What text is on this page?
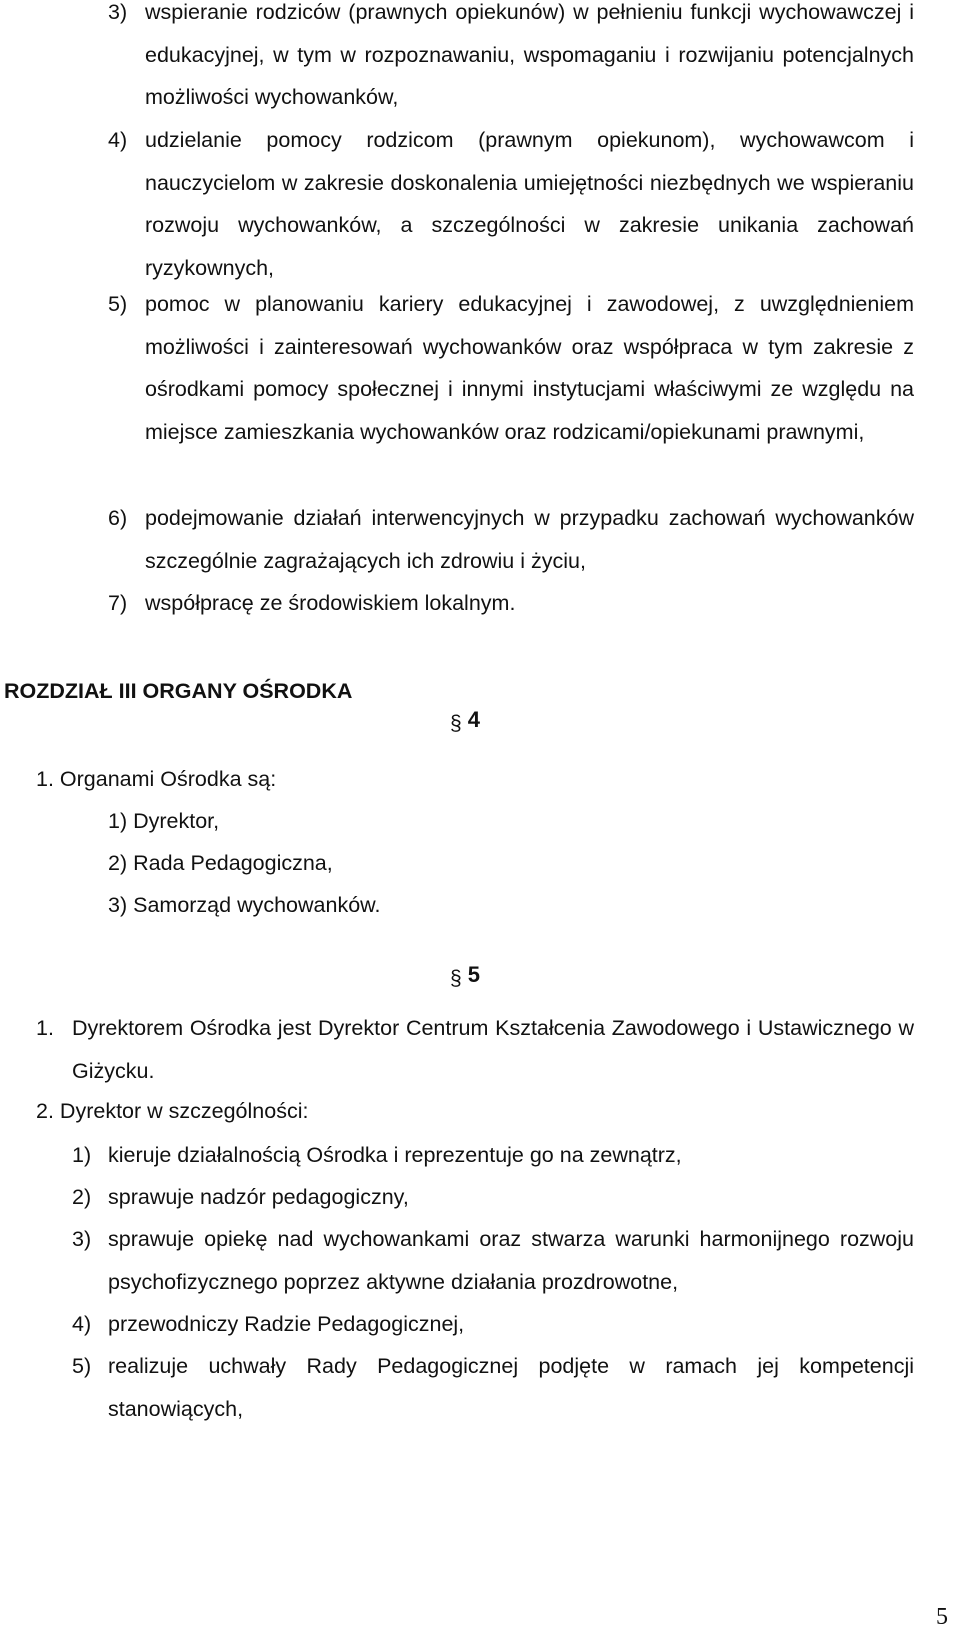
3) wspieranie rodziców (prawnych opiekunów) w pełnieniu funkcji wychowawczej i edukacyjnej, w tym w rozpoznawaniu, wspomaganiu i rozwijaniu potencjalnych możliwości wychowanków,
4) udzielanie pomocy rodzicom (prawnym opiekunom), wychowawcom i nauczycielom w zakresie doskonalenia umiejętności niezbędnych we wspieraniu rozwoju wychowanków, a szczególności w zakresie unikania zachowań ryzykownych,
5) pomoc w planowaniu kariery edukacyjnej i zawodowej, z uwzględnieniem możliwości i zainteresowań wychowanków oraz współpraca w tym zakresie z ośrodkami pomocy społecznej i innymi instytucjami właściwymi ze względu na miejsce zamieszkania wychowanków oraz rodzicami/opiekunami prawnymi,
6) podejmowanie działań interwencyjnych w przypadku zachowań wychowanków szczególnie zagrażających ich zdrowiu i życiu,
7) współpracę ze środowiskiem lokalnym.
ROZDZIAŁ III ORGANY OŚRODKA
§ 4
1. Organami Ośrodka są:
1) Dyrektor,
2) Rada Pedagogiczna,
3) Samorząd wychowanków.
§ 5
1. Dyrektorem Ośrodka jest Dyrektor Centrum Kształcenia Zawodowego i Ustawicznego w Giżycku.
2. Dyrektor w szczególności:
1) kieruje działalnością Ośrodka i reprezentuje go na zewnątrz,
2) sprawuje nadzór pedagogiczny,
3) sprawuje opiekę nad wychowankami oraz stwarza warunki harmonijnego rozwoju psychofizycznego poprzez aktywne działania prozdrowotne,
4) przewodniczy Radzie Pedagogicznej,
5) realizuje uchwały Rady Pedagogicznej podjęte w ramach jej kompetencji stanowiących,
5
